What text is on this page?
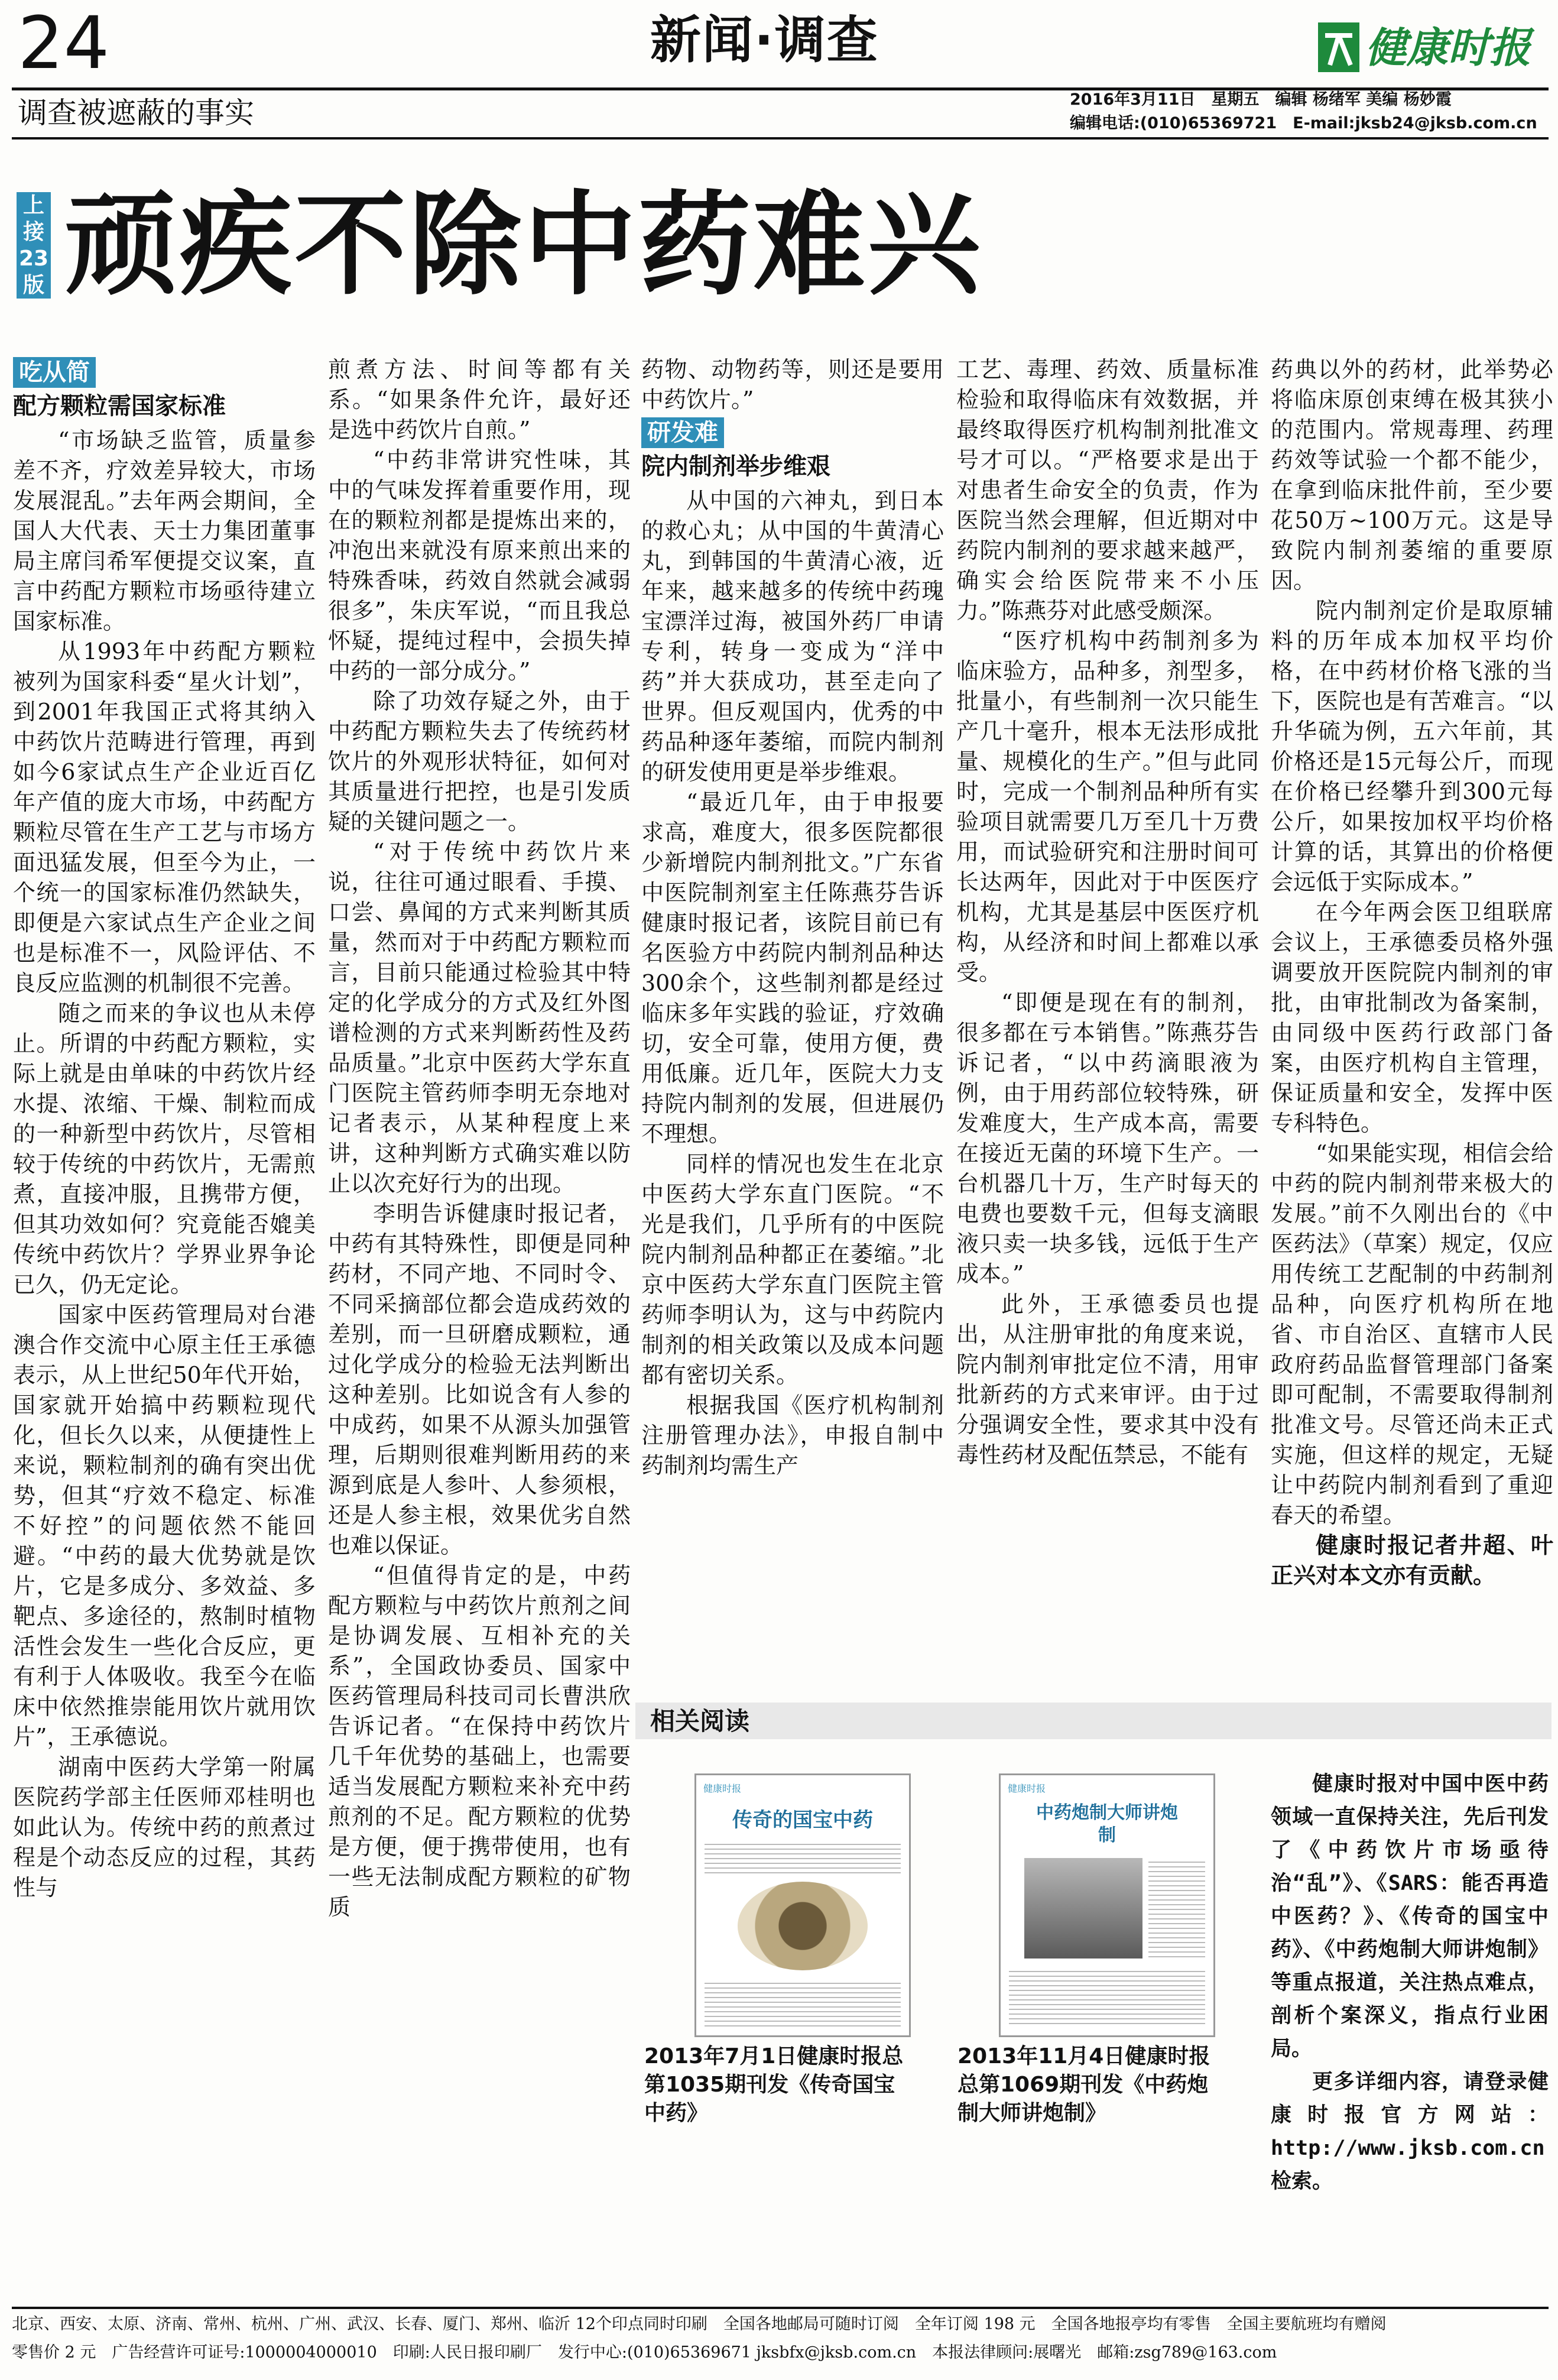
24	新闻·调查	健康时报
调查被遮蔽的事实	2016年3月11日　星期五　编辑 杨绪军 美编 杨妙霞
编辑电话:(010)65369721　E-mail:jksb24@jksb.com.cn
上接23版 顽疾不除中药难兴
吃从简
配方颗粒需国家标准

“市场缺乏监管，质量参差不齐，疗效差异较大，市场发展混乱。”去年两会期间，全国人大代表、天士力集团董事局主席闫希军便提交议案，直言中药配方颗粒市场亟待建立国家标准。

从1993年中药配方颗粒被列为国家科委“星火计划”，到2001年我国正式将其纳入中药饮片范畴进行管理，再到如今6家试点生产企业近百亿年产值的庞大市场，中药配方颗粒尽管在生产工艺与市场方面迅猛发展，但至今为止，一个统一的国家标准仍然缺失，即便是六家试点生产企业之间也是标准不一，风险评估、不良反应监测的机制很不完善。

随之而来的争议也从未停止。所谓的中药配方颗粒，实际上就是由单味的中药饮片经水提、浓缩、干燥、制粒而成的一种新型中药饮片，尽管相较于传统的中药饮片，无需煎煮，直接冲服，且携带方便，但其功效如何？究竟能否媲美传统中药饮片？学界业界争论已久，仍无定论。

国家中医药管理局对台港澳合作交流中心原主任王承德表示，从上世纪50年代开始，国家就开始搞中药颗粒现代化，但长久以来，从便捷性上来说，颗粒制剂的确有突出优势，但其“疗效不稳定、标准不好控”的问题依然不能回避。“中药的最大优势就是饮片，它是多成分、多效益、多靶点、多途径的，熬制时植物活性会发生一些化合反应，更有利于人体吸收。我至今在临床中依然推崇能用饮片就用饮片”，王承德说。

湖南中医药大学第一附属医院药学部主任医师邓桂明也如此认为。传统中药的煎煮过程是个动态反应的过程，其药性与

煎煮方法、时间等都有关系。“如果条件允许，最好还是选中药饮片自煎。”

“中药非常讲究性味，其中的气味发挥着重要作用，现在的颗粒剂都是提炼出来的，冲泡出来就没有原来煎出来的特殊香味，药效自然就会减弱很多”，朱庆军说，“而且我总怀疑，提纯过程中，会损失掉中药的一部分成分。”

除了功效存疑之外，由于中药配方颗粒失去了传统药材饮片的外观形状特征，如何对其质量进行把控，也是引发质疑的关键问题之一。

“对于传统中药饮片来说，往往可通过眼看、手摸、口尝、鼻闻的方式来判断其质量，然而对于中药配方颗粒而言，目前只能通过检验其中特定的化学成分的方式及红外图谱检测的方式来判断药性及药品质量。”北京中医药大学东直门医院主管药师李明无奈地对记者表示，从某种程度上来讲，这种判断方式确实难以防止以次充好行为的出现。

李明告诉健康时报记者，中药有其特殊性，即便是同种药材，不同产地、不同时令、不同采摘部位都会造成药效的差别，而一旦研磨成颗粒，通过化学成分的检验无法判断出这种差别。比如说含有人参的中成药，如果不从源头加强管理，后期则很难判断用药的来源到底是人参叶、人参须根，还是人参主根，效果优劣自然也难以保证。

“但值得肯定的是，中药配方颗粒与中药饮片煎剂之间是协调发展、互相补充的关系”，全国政协委员、国家中医药管理局科技司司长曹洪欣告诉记者。“在保持中药饮片几千年优势的基础上，也需要适当发展配方颗粒来补充中药煎剂的不足。配方颗粒的优势是方便，便于携带使用，也有一些无法制成配方颗粒的矿物质

药物、动物药等，则还是要用中药饮片。”

研发难
院内制剂举步维艰

从中国的六神丸，到日本的救心丸；从中国的牛黄清心丸，到韩国的牛黄清心液，近年来，越来越多的传统中药瑰宝漂洋过海，被国外药厂申请专利，转身一变成为“洋中药”并大获成功，甚至走向了世界。但反观国内，优秀的中药品种逐年萎缩，而院内制剂的研发使用更是举步维艰。

“最近几年，由于申报要求高，难度大，很多医院都很少新增院内制剂批文。”广东省中医院制剂室主任陈燕芬告诉健康时报记者，该院目前已有名医验方中药院内制剂品种达300余个，这些制剂都是经过临床多年实践的验证，疗效确切，安全可靠，使用方便，费用低廉。近几年，医院大力支持院内制剂的发展，但进展仍不理想。

同样的情况也发生在北京中医药大学东直门医院。“不光是我们，几乎所有的中医院院内制剂品种都正在萎缩。”北京中医药大学东直门医院主管药师李明认为，这与中药院内制剂的相关政策以及成本问题都有密切关系。

根据我国《医疗机构制剂注册管理办法》，申报自制中药制剂均需生产

工艺、毒理、药效、质量标准检验和取得临床有效数据，并最终取得医疗机构制剂批准文号才可以。“严格要求是出于对患者生命安全的负责，作为医院当然会理解，但近期对中药院内制剂的要求越来越严，确实会给医院带来不小压力。”陈燕芬对此感受颇深。

“医疗机构中药制剂多为临床验方，品种多，剂型多，批量小，有些制剂一次只能生产几十毫升，根本无法形成批量、规模化的生产。”但与此同时，完成一个制剂品种所有实验项目就需要几万至几十万费用，而试验研究和注册时间可长达两年，因此对于中医医疗机构，尤其是基层中医医疗机构，从经济和时间上都难以承受。

“即便是现在有的制剂，很多都在亏本销售。”陈燕芬告诉记者，“以中药滴眼液为例，由于用药部位较特殊，研发难度大，生产成本高，需要在接近无菌的环境下生产。一台机器几十万，生产时每天的电费也要数千元，但每支滴眼液只卖一块多钱，远低于生产成本。”

此外，王承德委员也提出，从注册审批的角度来说，院内制剂审批定位不清，用审批新药的方式来审评。由于过分强调安全性，要求其中没有毒性药材及配伍禁忌，不能有

药典以外的药材，此举势必将临床原创束缚在极其狭小的范围内。常规毒理、药理药效等试验一个都不能少，在拿到临床批件前，至少要花50万~100万元。这是导致院内制剂萎缩的重要原因。

院内制剂定价是取原辅料的历年成本加权平均价格，在中药材价格飞涨的当下，医院也是有苦难言。“以升华硫为例，五六年前，其价格还是15元每公斤，而现在价格已经攀升到300元每公斤，如果按加权平均价格计算的话，其算出的价格便会远低于实际成本。”

在今年两会医卫组联席会议上，王承德委员格外强调要放开医院院内制剂的审批，由审批制改为备案制，由同级中医药行政部门备案，由医疗机构自主管理，保证质量和安全，发挥中医专科特色。

“如果能实现，相信会给中药的院内制剂带来极大的发展。”前不久刚出台的《中医药法》（草案）规定，仅应用传统工艺配制的中药制剂品种，向医疗机构所在地省、市自治区、直辖市人民政府药品监督管理部门备案即可配制，不需要取得制剂批准文号。尽管还尚未正式实施，但这样的规定，无疑让中药院内制剂看到了重迎春天的希望。

健康时报记者井超、叶正兴对本文亦有贡献。

相关阅读
健康时报
传奇的国宝中药
健康时报
中药炮制大师讲炮制
2013年7月1日健康时报总第1035期刊发《传奇国宝中药》
2013年11月4日健康时报总第1069期刊发《中药炮制大师讲炮制》

健康时报对中国中医中药领域一直保持关注，先后刊发了《中药饮片市场亟待治“乱”》、《SARS：能否再造中医药？》、《传奇的国宝中药》、《中药炮制大师讲炮制》等重点报道，关注热点难点，剖析个案深义，指点行业困局。

更多详细内容，请登录健康时报官方网站：http://www.jksb.com.cn检索。

北京、西安、太原、济南、常州、杭州、广州、武汉、长春、厦门、郑州、临沂 12个印点同时印刷　全国各地邮局可随时订阅　全年订阅 198 元　全国各地报亭均有零售　全国主要航班均有赠阅
零售价 2 元　广告经营许可证号:1000004000010　印刷:人民日报印刷厂　发行中心:(010)65369671 jksbfx@jksb.com.cn　本报法律顾问:展曙光　邮箱:zsg789@163.com
